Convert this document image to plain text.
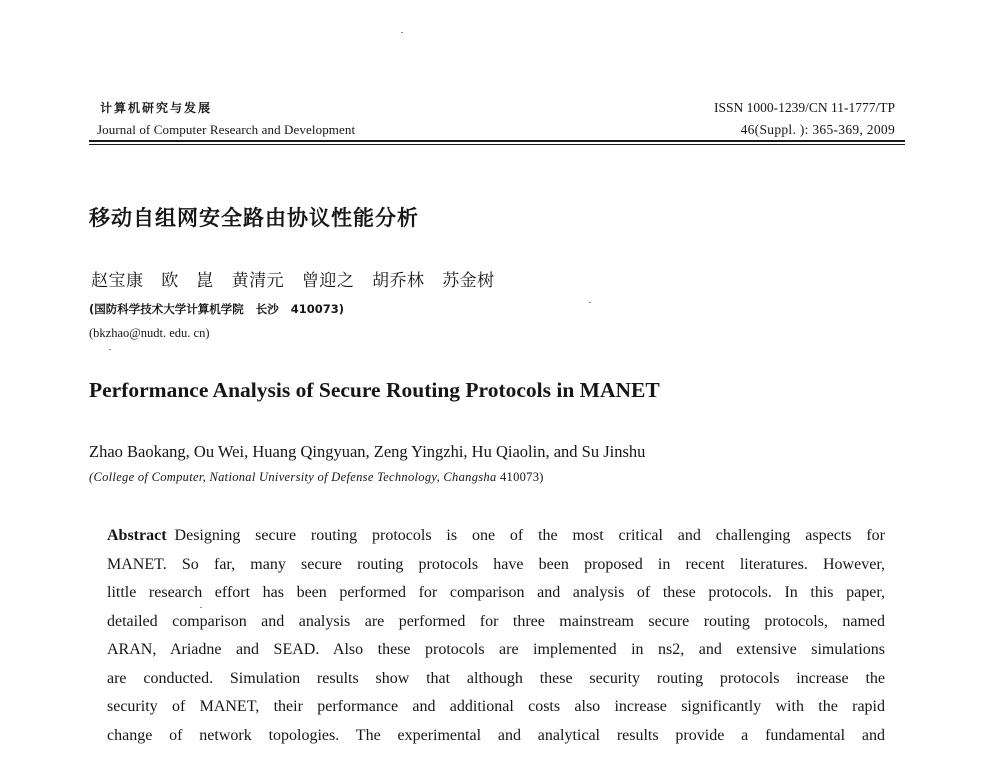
计算机研究与发展
Journal of Computer Research and Development
ISSN 1000-1239/CN 11-1777/TP
46(Suppl. ): 365-369, 2009
移动自组网安全路由协议性能分析
赵宝康   欧   崑   黄清元   曾迎之   胡乔林   苏金树
(国防科学技术大学计算机学院   长沙   410073)
(bkzhao@nudt. edu. cn)
Performance Analysis of Secure Routing Protocols in MANET
Zhao Baokang, Ou Wei, Huang Qingyuan, Zeng Yingzhi, Hu Qiaolin, and Su Jinshu
(College of Computer, National University of Defense Technology, Changsha 410073)
Abstract Designing secure routing protocols is one of the most critical and challenging aspects for
MANET. So far, many secure routing protocols have been proposed in recent literatures. However,
little research effort has been performed for comparison and analysis of these protocols. In this paper,
detailed comparison and analysis are performed for three mainstream secure routing protocols, named
ARAN, Ariadne and SEAD. Also these protocols are implemented in ns2, and extensive simulations
are conducted. Simulation results show that although these security routing protocols increase the
security of MANET, their performance and additional costs also increase significantly with the rapid
change of network topologies. The experimental and analytical results provide a fundamental and
